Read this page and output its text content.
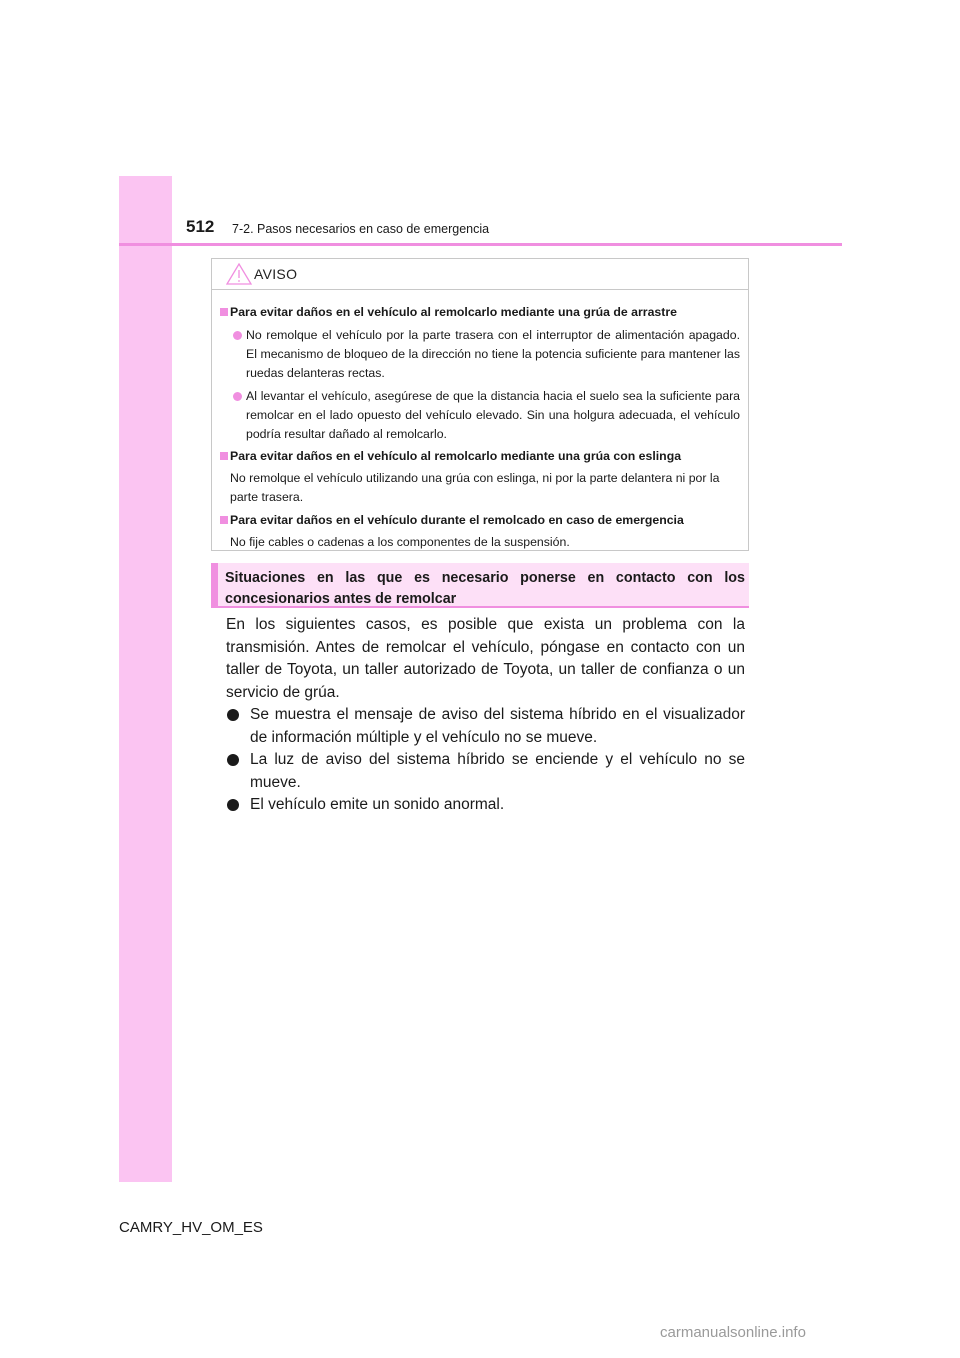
512 7-2. Pasos necesarios en caso de emergencia
AVISO
Para evitar daños en el vehículo al remolcarlo mediante una grúa de arrastre
No remolque el vehículo por la parte trasera con el interruptor de alimentación apagado. El mecanismo de bloqueo de la dirección no tiene la potencia suficiente para mantener las ruedas delanteras rectas.
Al levantar el vehículo, asegúrese de que la distancia hacia el suelo sea la suficiente para remolcar en el lado opuesto del vehículo elevado. Sin una holgura adecuada, el vehículo podría resultar dañado al remolcarlo.
Para evitar daños en el vehículo al remolcarlo mediante una grúa con eslinga
No remolque el vehículo utilizando una grúa con eslinga, ni por la parte delantera ni por la parte trasera.
Para evitar daños en el vehículo durante el remolcado en caso de emergencia
No fije cables o cadenas a los componentes de la suspensión.
Situaciones en las que es necesario ponerse en contacto con los concesionarios antes de remolcar

En los siguientes casos, es posible que exista un problema con la transmisión. Antes de remolcar el vehículo, póngase en contacto con un taller de Toyota, un taller autorizado de Toyota, un taller de confianza o un servicio de grúa.

Se muestra el mensaje de aviso del sistema híbrido en el visualizador de información múltiple y el vehículo no se mueve.
La luz de aviso del sistema híbrido se enciende y el vehículo no se mueve.
El vehículo emite un sonido anormal.
CAMRY_HV_OM_ES
carmanualsonline.info
